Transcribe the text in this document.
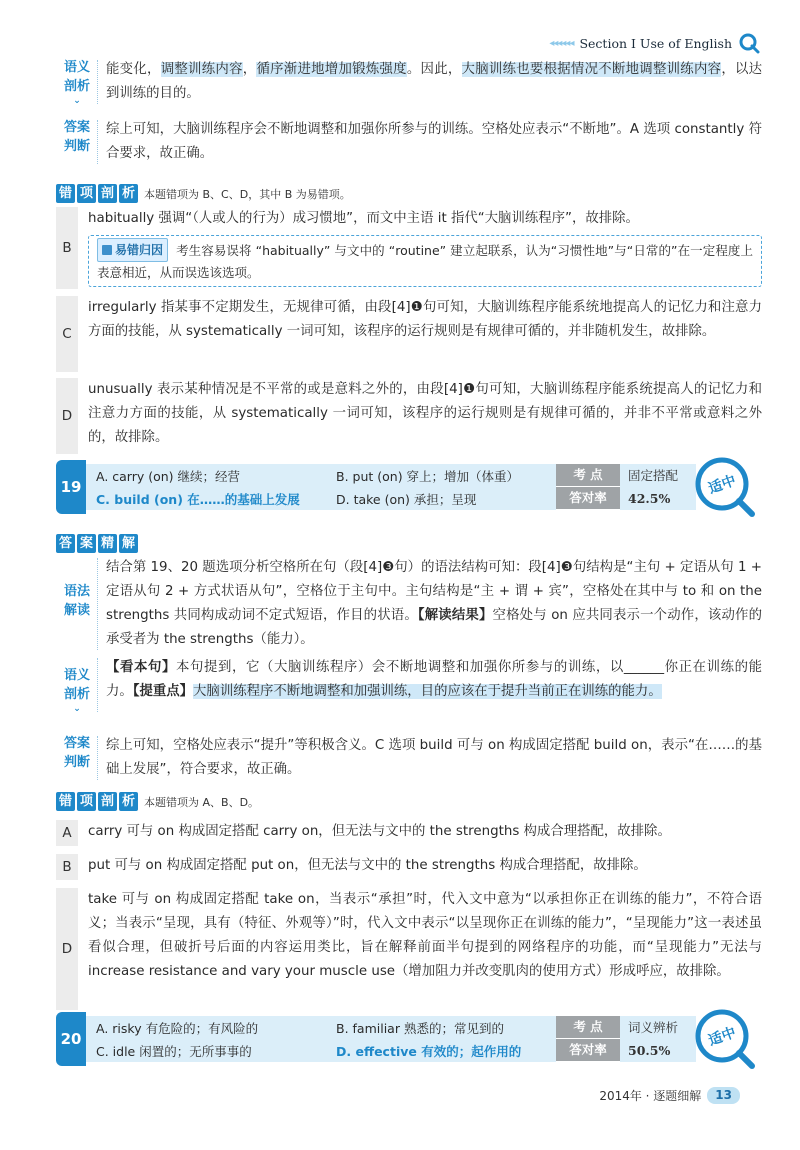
◂◂◂◂◂◂ Section I Use of English
语义
剖析
⌄
能变化，调整训练内容，循序渐进地增加锻炼强度。因此，大脑训练也要根据情况不断地调整训练内容，以达到训练的目的。
答案
判断
综上可知，大脑训练程序会不断地调整和加强你所参与的训练。空格处应表示“不断地”。A 选项 constantly 符合要求，故正确。
错 项 剖 析 本题错项为 B、C、D，其中 B 为易错项。
B
habitually 强调“（人或人的行为）成习惯地”，而文中主语 it 指代“大脑训练程序”，故排除。
易错归因 考生容易误将 “habitually” 与文中的 “routine” 建立起联系，认为“习惯性地”与“日常的”在一定程度上表意相近，从而误选该选项。
C
irregularly 指某事不定期发生，无规律可循，由段[4]❶句可知，大脑训练程序能系统地提高人的记忆力和注意力方面的技能，从 systematically 一词可知，该程序的运行规则是有规律可循的，并非随机发生，故排除。
D
unusually 表示某种情况是不平常的或是意料之外的，由段[4]❶句可知，大脑训练程序能系统提高人的记忆力和注意力方面的技能，从 systematically 一词可知，该程序的运行规则是有规律可循的，并非不平常或意料之外的，故排除。
19
A. carry (on) 继续；经营	B. put (on) 穿上；增加（体重）
C. build (on) 在……的基础上发展	D. take (on) 承担；呈现
考 点	固定搭配
答对率	42.5%
适中
答 案 精 解
语法
解读
结合第 19、20 题选项分析空格所在句（段[4]❸句）的语法结构可知：段[4]❸句结构是“主句 + 定语从句 1 + 定语从句 2 + 方式状语从句”，空格位于主句中。主句结构是“主 + 谓 + 宾”，空格处在其中与 to 和 on the strengths 共同构成动词不定式短语，作目的状语。【解读结果】空格处与 on 应共同表示一个动作，该动作的承受者为 the strengths（能力）。
语义
剖析
⌄
【看本句】本句提到，它（大脑训练程序）会不断地调整和加强你所参与的训练，以______你正在训练的能力。【提重点】大脑训练程序不断地调整和加强训练，目的应该在于提升当前正在训练的能力。
答案
判断
综上可知，空格处应表示“提升”等积极含义。C 选项 build 可与 on 构成固定搭配 build on，表示“在……的基础上发展”，符合要求，故正确。
错 项 剖 析 本题错项为 A、B、D。
A	carry 可与 on 构成固定搭配 carry on，但无法与文中的 the strengths 构成合理搭配，故排除。
B	put 可与 on 构成固定搭配 put on，但无法与文中的 the strengths 构成合理搭配，故排除。
D
take 可与 on 构成固定搭配 take on，当表示“承担”时，代入文中意为“以承担你正在训练的能力”，不符合语义；当表示“呈现，具有（特征、外观等）”时，代入文中表示“以呈现你正在训练的能力”，“呈现能力”这一表述虽看似合理，但破折号后面的内容运用类比，旨在解释前面半句提到的网络程序的功能，而“呈现能力”无法与 increase resistance and vary your muscle use（增加阻力并改变肌肉的使用方式）形成呼应，故排除。
20
A. risky 有危险的；有风险的	B. familiar 熟悉的；常见到的
C. idle 闲置的；无所事事的	D. effective 有效的；起作用的
考 点	词义辨析
答对率	50.5%
适中
2014年 · 逐题细解	13
